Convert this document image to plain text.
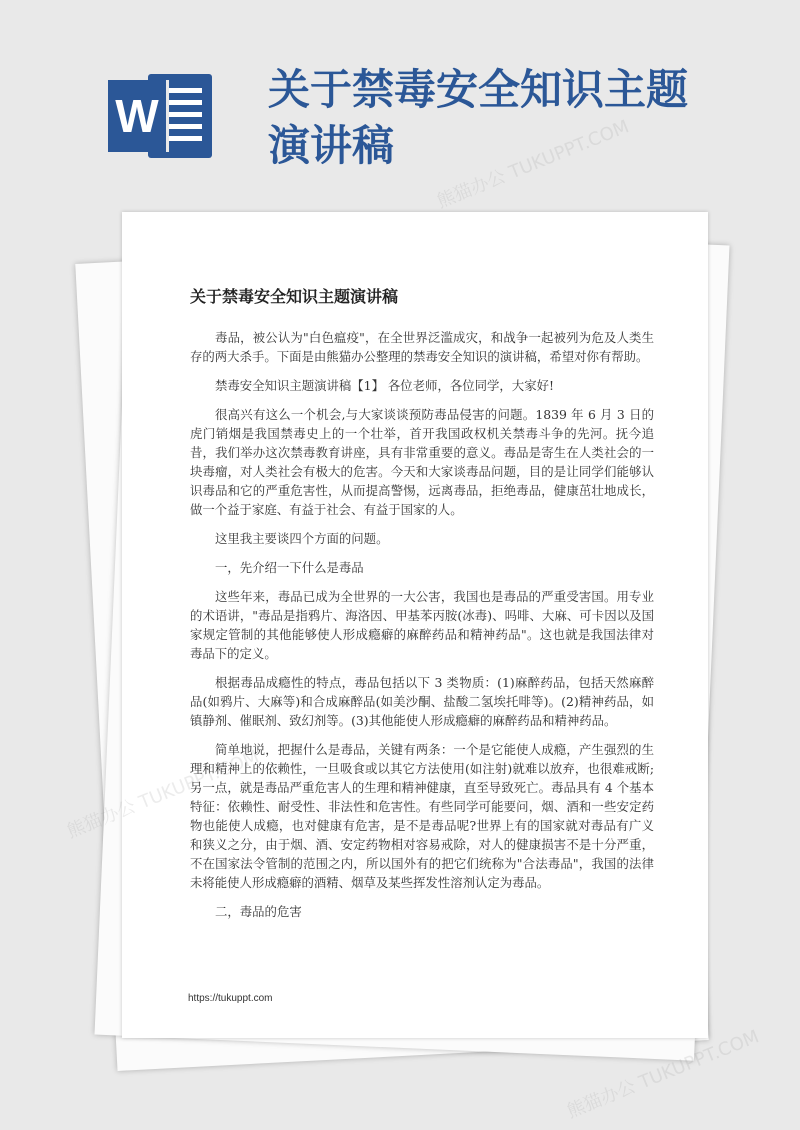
W
关于禁毒安全知识主题演讲稿
关于禁毒安全知识主题演讲稿

毒品，被公认为"白色瘟疫"，在全世界泛滥成灾，和战争一起被列为危及人类生存的两大杀手。下面是由熊猫办公整理的禁毒安全知识的演讲稿，希望对你有帮助。

禁毒安全知识主题演讲稿【1】 各位老师，各位同学，大家好!

很高兴有这么一个机会,与大家谈谈预防毒品侵害的问题。1839 年 6 月 3 日的虎门销烟是我国禁毒史上的一个壮举，首开我国政权机关禁毒斗争的先河。抚今追昔，我们举办这次禁毒教育讲座，具有非常重要的意义。毒品是寄生在人类社会的一块毒瘤，对人类社会有极大的危害。今天和大家谈毒品问题，目的是让同学们能够认识毒品和它的严重危害性，从而提高警惕，远离毒品，拒绝毒品，健康茁壮地成长，做一个益于家庭、有益于社会、有益于国家的人。

这里我主要谈四个方面的问题。

一，先介绍一下什么是毒品

这些年来，毒品已成为全世界的一大公害，我国也是毒品的严重受害国。用专业的术语讲，"毒品是指鸦片、海洛因、甲基苯丙胺(冰毒)、吗啡、大麻、可卡因以及国家规定管制的其他能够使人形成瘾癖的麻醉药品和精神药品"。这也就是我国法律对毒品下的定义。

根据毒品成瘾性的特点，毒品包括以下 3 类物质：(1)麻醉药品，包括天然麻醉品(如鸦片、大麻等)和合成麻醉品(如美沙酮、盐酸二氢埃托啡等)。(2)精神药品，如镇静剂、催眠剂、致幻剂等。(3)其他能使人形成瘾癖的麻醉药品和精神药品。

简单地说，把握什么是毒品，关键有两条：一个是它能使人成瘾，产生强烈的生理和精神上的依赖性，一旦吸食或以其它方法使用(如注射)就难以放弃，也很难戒断;另一点，就是毒品严重危害人的生理和精神健康，直至导致死亡。毒品具有 4 个基本特征：依赖性、耐受性、非法性和危害性。有些同学可能要问，烟、酒和一些安定药物也能使人成瘾，也对健康有危害，是不是毒品呢?世界上有的国家就对毒品有广义和狭义之分，由于烟、酒、安定药物相对容易戒除，对人的健康损害不是十分严重，不在国家法令管制的范围之内，所以国外有的把它们统称为"合法毒品"，我国的法律未将能使人形成瘾癖的酒精、烟草及某些挥发性溶剂认定为毒品。

二，毒品的危害

https://tukuppt.com
熊猫办公 TUKUPPT.COM
熊猫办公
熊猫办公 TUKUPPT.COM
